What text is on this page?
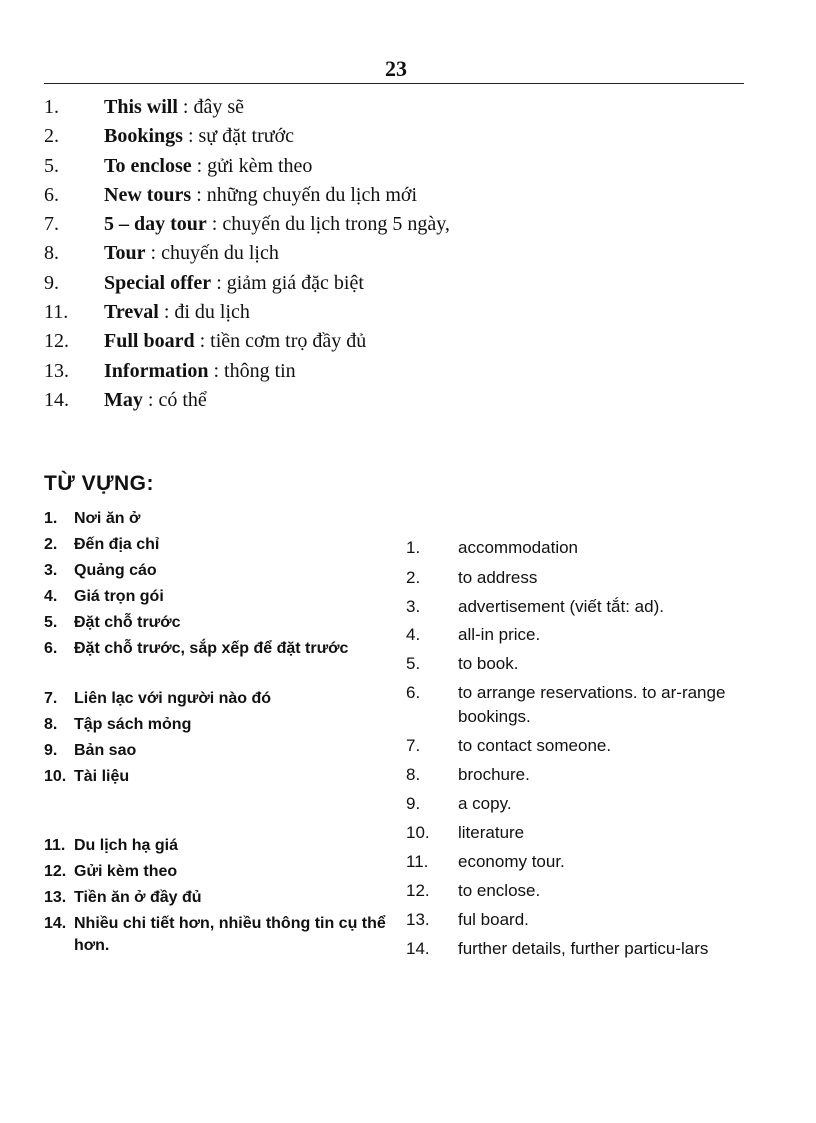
23
1. This will : đây sẽ
2. Bookings : sự đặt trước
5. To enclose : gửi kèm theo
6. New tours : những chuyến du lịch mới
7. 5 – day tour : chuyến du lịch trong 5 ngày,
8. Tour : chuyến du lịch
9. Special offer : giảm giá đặc biệt
11. Treval : đi du lịch
12. Full board : tiền cơm trọ đầy đủ
13. Information : thông tin
14. May : có thể
TỪ VỰNG:
1.	Nơi ăn ở
2.	Đến địa chỉ
3.	Quảng cáo
4.	Giá trọn gói
5.	Đặt chỗ trước
6.	Đặt chỗ trước, sắp xếp để đặt trước
7.	Liên lạc với người nào đó
8.	Tập sách mỏng
9.	Bản sao
10. Tài liệu
11. Du lịch hạ giá
12. Gửi kèm theo
13. Tiền ăn ở đầy đủ
14. Nhiều chi tiết hơn, nhiều thông tin cụ thể hơn.
1.	accommodation
2.	to address
3.	advertisement (viết tắt: ad).
4.	all-in price.
5.	to book.
6.	to arrange reservations. to ar-range bookings.
7.	to contact someone.
8.	brochure.
9.	a copy.
10.	literature
11.	economy tour.
12.	to enclose.
13.	ful board.
14.	further details, further particu-lars
